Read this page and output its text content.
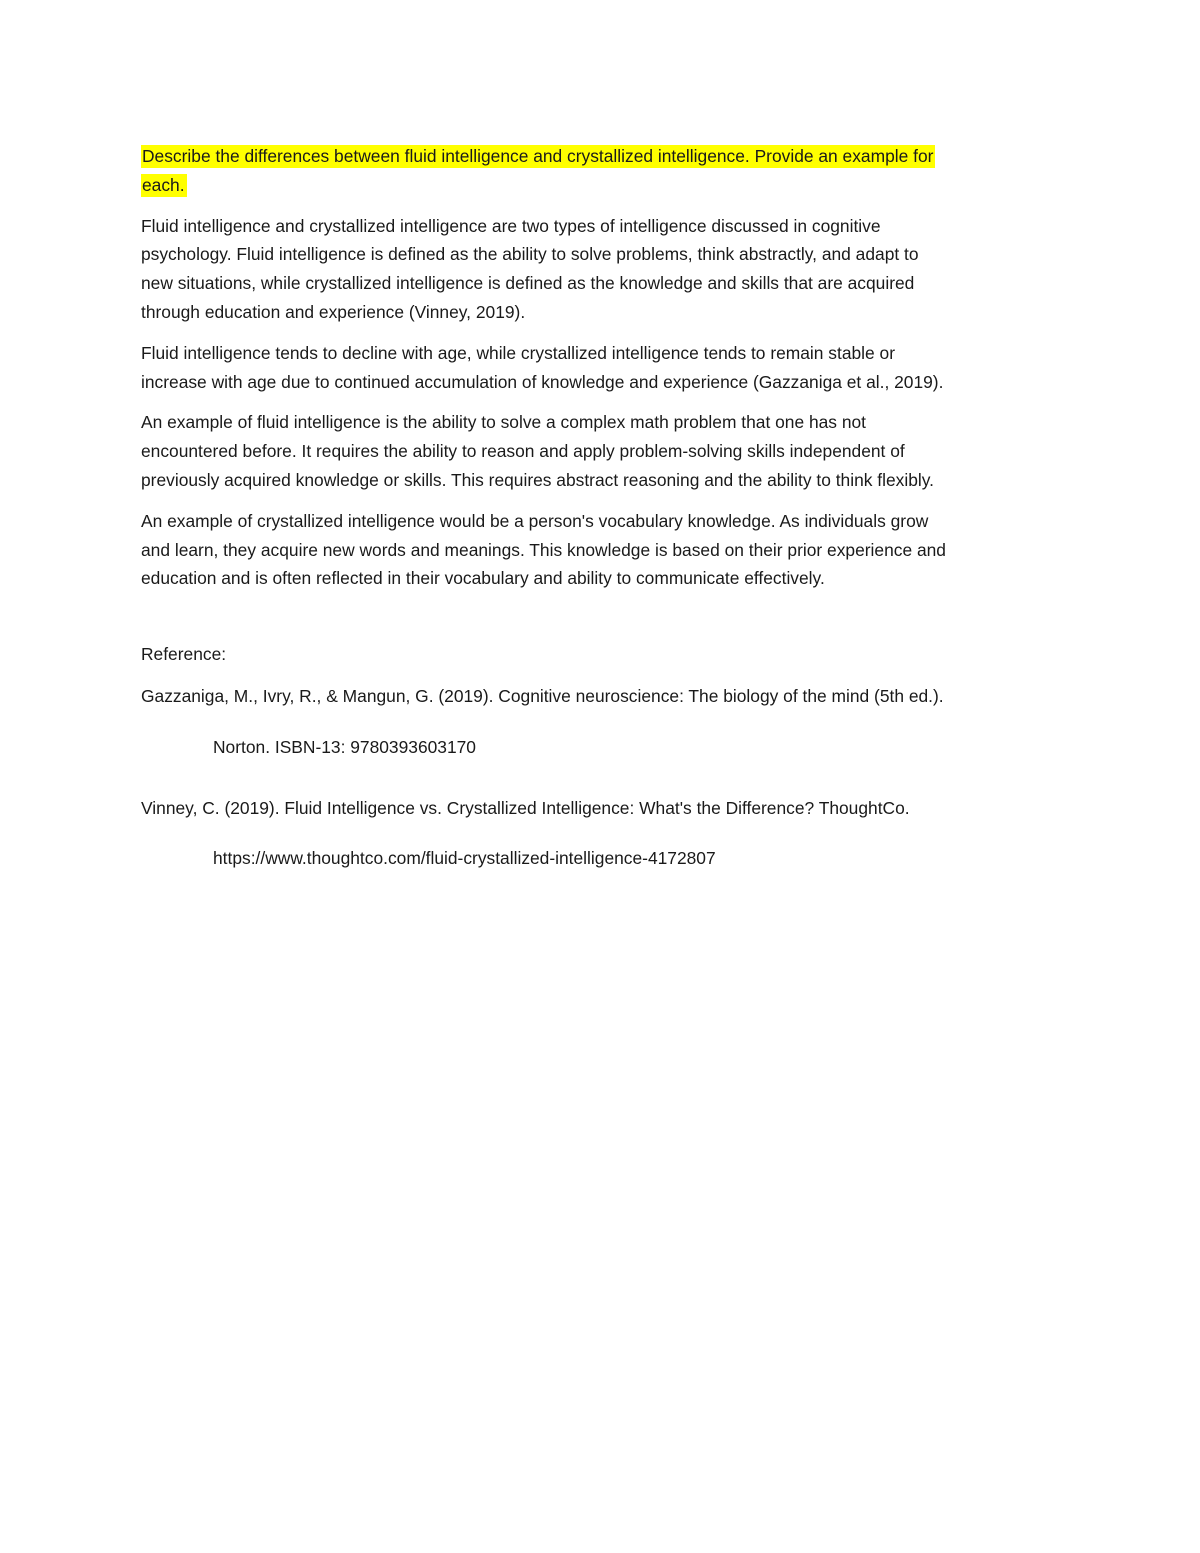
Describe the differences between fluid intelligence and crystallized intelligence. Provide an example for
each.
Fluid intelligence and crystallized intelligence are two types of intelligence discussed in cognitive
psychology. Fluid intelligence is defined as the ability to solve problems, think abstractly, and adapt to
new situations, while crystallized intelligence is defined as the knowledge and skills that are acquired
through education and experience (Vinney, 2019).
Fluid intelligence tends to decline with age, while crystallized intelligence tends to remain stable or
increase with age due to continued accumulation of knowledge and experience (Gazzaniga et al., 2019).
An example of fluid intelligence is the ability to solve a complex math problem that one has not
encountered before. It requires the ability to reason and apply problem-solving skills independent of
previously acquired knowledge or skills. This requires abstract reasoning and the ability to think flexibly.
An example of crystallized intelligence would be a person's vocabulary knowledge. As individuals grow
and learn, they acquire new words and meanings. This knowledge is based on their prior experience and
education and is often reflected in their vocabulary and ability to communicate effectively.
Reference:
Gazzaniga, M., Ivry, R., & Mangun, G. (2019). Cognitive neuroscience: The biology of the mind (5th ed.).
Norton. ISBN-13: 9780393603170
Vinney, C. (2019). Fluid Intelligence vs. Crystallized Intelligence: What's the Difference? ThoughtCo.
https://www.thoughtco.com/fluid-crystallized-intelligence-4172807
